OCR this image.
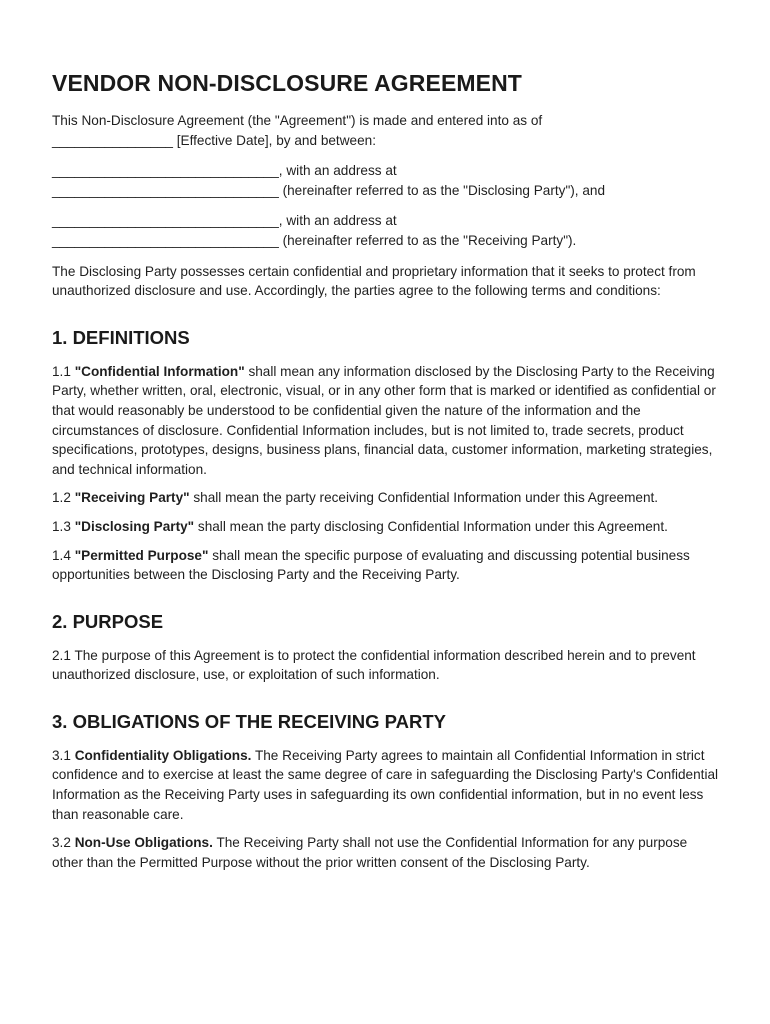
VENDOR NON-DISCLOSURE AGREEMENT

This Non-Disclosure Agreement (the "Agreement") is made and entered into as of
________________ [Effective Date], by and between:

______________________________, with an address at
______________________________ (hereinafter referred to as the "Disclosing Party"), and

______________________________, with an address at
______________________________ (hereinafter referred to as the "Receiving Party").

The Disclosing Party possesses certain confidential and proprietary information that it seeks to protect from unauthorized disclosure and use. Accordingly, the parties agree to the following terms and conditions:

1. DEFINITIONS

1.1 "Confidential Information" shall mean any information disclosed by the Disclosing Party to the Receiving Party, whether written, oral, electronic, visual, or in any other form that is marked or identified as confidential or that would reasonably be understood to be confidential given the nature of the information and the circumstances of disclosure. Confidential Information includes, but is not limited to, trade secrets, product specifications, prototypes, designs, business plans, financial data, customer information, marketing strategies, and technical information.

1.2 "Receiving Party" shall mean the party receiving Confidential Information under this Agreement.

1.3 "Disclosing Party" shall mean the party disclosing Confidential Information under this Agreement.

1.4 "Permitted Purpose" shall mean the specific purpose of evaluating and discussing potential business opportunities between the Disclosing Party and the Receiving Party.

2. PURPOSE

2.1 The purpose of this Agreement is to protect the confidential information described herein and to prevent unauthorized disclosure, use, or exploitation of such information.

3. OBLIGATIONS OF THE RECEIVING PARTY

3.1 Confidentiality Obligations. The Receiving Party agrees to maintain all Confidential Information in strict confidence and to exercise at least the same degree of care in safeguarding the Disclosing Party's Confidential Information as the Receiving Party uses in safeguarding its own confidential information, but in no event less than reasonable care.

3.2 Non-Use Obligations. The Receiving Party shall not use the Confidential Information for any purpose other than the Permitted Purpose without the prior written consent of the Disclosing Party.
